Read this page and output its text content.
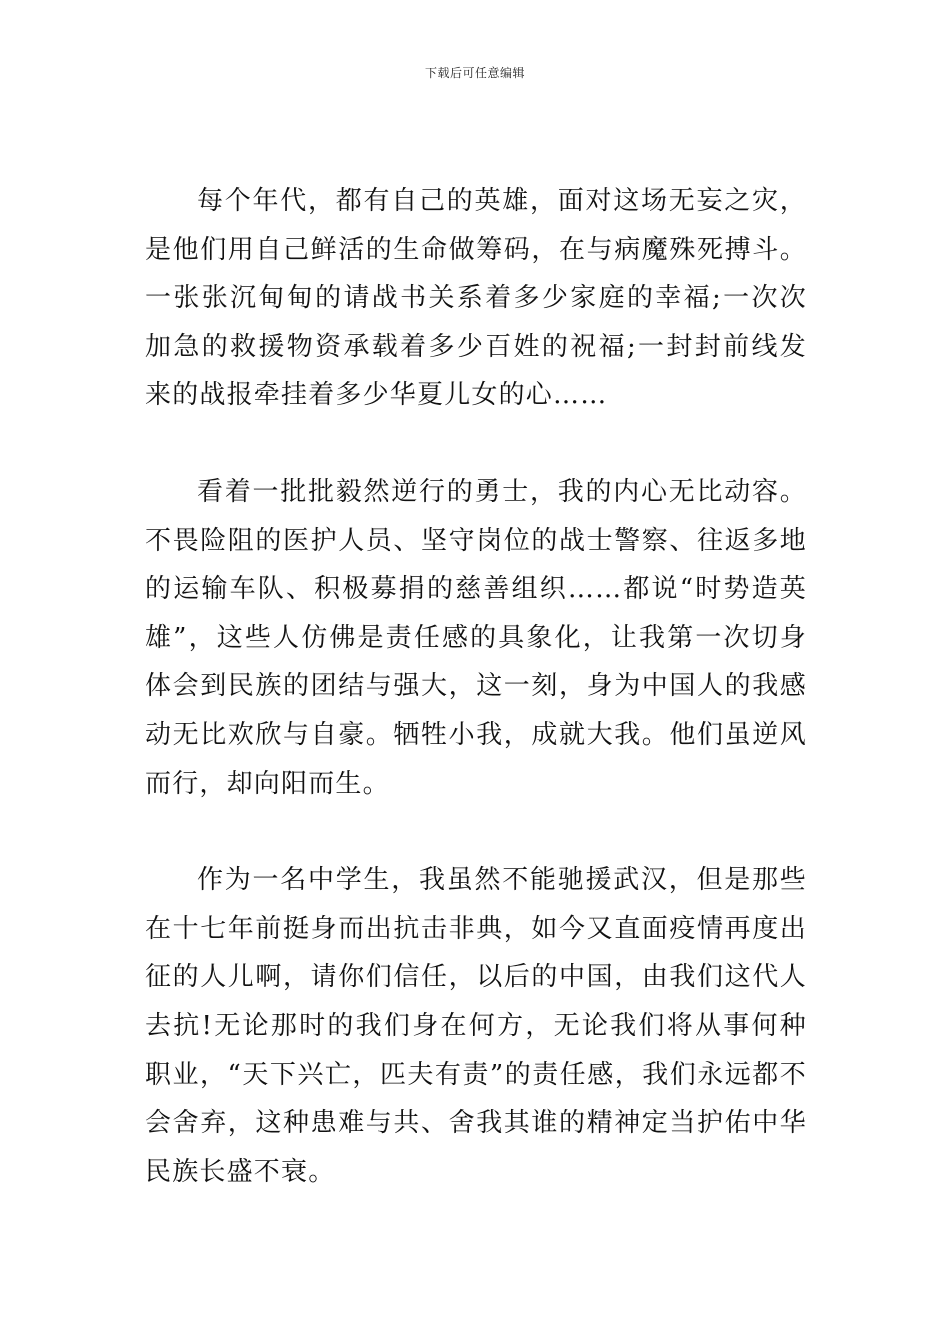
下载后可任意编辑

每个年代，都有自己的英雄，面对这场无妄之灾，是他们用自己鲜活的生命做筹码，在与病魔殊死搏斗。一张张沉甸甸的请战书关系着多少家庭的幸福;一次次加急的救援物资承载着多少百姓的祝福;一封封前线发来的战报牵挂着多少华夏儿女的心……

看着一批批毅然逆行的勇士，我的内心无比动容。不畏险阻的医护人员、坚守岗位的战士警察、往返多地的运输车队、积极募捐的慈善组织……都说“时势造英雄”，这些人仿佛是责任感的具象化，让我第一次切身体会到民族的团结与强大，这一刻，身为中国人的我感动无比欢欣与自豪。牺牲小我，成就大我。他们虽逆风而行，却向阳而生。

作为一名中学生，我虽然不能驰援武汉，但是那些在十七年前挺身而出抗击非典，如今又直面疫情再度出征的人儿啊，请你们信任，以后的中国，由我们这代人去抗!无论那时的我们身在何方，无论我们将从事何种职业，“天下兴亡，匹夫有责”的责任感，我们永远都不会舍弃，这种患难与共、舍我其谁的精神定当护佑中华民族长盛不衰。
